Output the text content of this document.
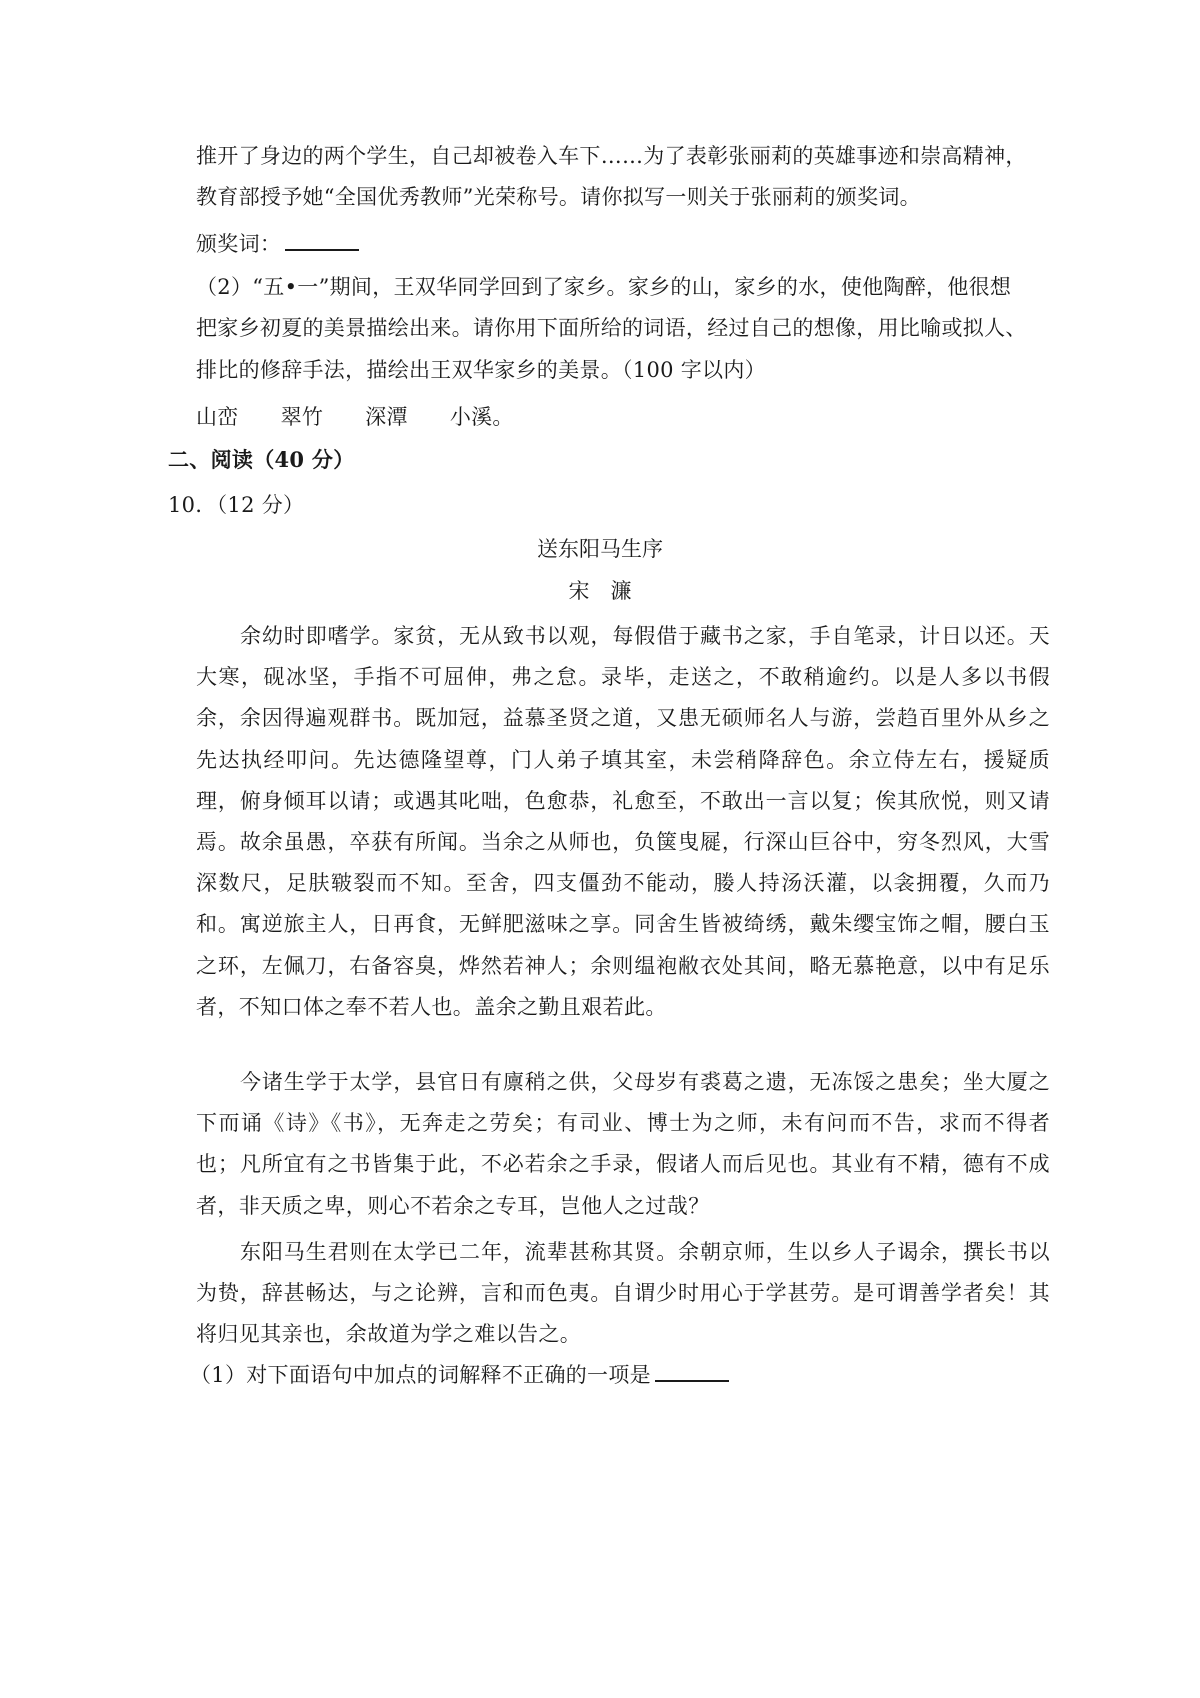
推开了身边的两个学生，自己却被卷入车下……为了表彰张丽莉的英雄事迹和崇高精神，
教育部授予她“全国优秀教师”光荣称号。请你拟写一则关于张丽莉的颁奖词。
颁奖词：
（2）“五•一”期间，王双华同学回到了家乡。家乡的山，家乡的水，使他陶醉，他很想
把家乡初夏的美景描绘出来。请你用下面所给的词语，经过自己的想像，用比喻或拟人、
排比的修辞手法，描绘出王双华家乡的美景。（100 字以内）
山峦 翠竹 深潭 小溪。
二、阅读（40 分）
10．（12 分）
送东阳马生序
宋　濂
余幼时即嗜学。家贫，无从致书以观，每假借于藏书之家，手自笔录，计日以还。天大寒，砚冰坚，手指不可屈伸，弗之怠。录毕，走送之，不敢稍逾约。以是人多以书假余，余因得遍观群书。既加冠，益慕圣贤之道，又患无硕师名人与游，尝趋百里外从乡之先达执经叩问。先达德隆望尊，门人弟子填其室，未尝稍降辞色。余立侍左右，援疑质理，俯身倾耳以请；或遇其叱咄，色愈恭，礼愈至，不敢出一言以复；俟其欣悦，则又请焉。故余虽愚，卒获有所闻。当余之从师也，负箧曳屣，行深山巨谷中，穷冬烈风，大雪深数尺，足肤皲裂而不知。至舍，四支僵劲不能动，媵人持汤沃灌，以衾拥覆，久而乃和。寓逆旅主人，日再食，无鲜肥滋味之享。同舍生皆被绮绣，戴朱缨宝饰之帽，腰白玉之环，左佩刀，右备容臭，烨然若神人；余则缊袍敝衣处其间，略无慕艳意，以中有足乐者，不知口体之奉不若人也。盖余之勤且艰若此。
今诸生学于太学，县官日有廪稍之供，父母岁有裘葛之遗，无冻馁之患矣；坐大厦之下而诵《诗》《书》，无奔走之劳矣；有司业、博士为之师，未有问而不告，求而不得者也；凡所宜有之书皆集于此，不必若余之手录，假诸人而后见也。其业有不精，德有不成者，非天质之卑，则心不若余之专耳，岂他人之过哉？
东阳马生君则在太学已二年，流辈甚称其贤。余朝京师，生以乡人子谒余，撰长书以为贽，辞甚畅达，与之论辨，言和而色夷。自谓少时用心于学甚劳。是可谓善学者矣！其将归见其亲也，余故道为学之难以告之。
（1）对下面语句中加点的词解释不正确的一项是
